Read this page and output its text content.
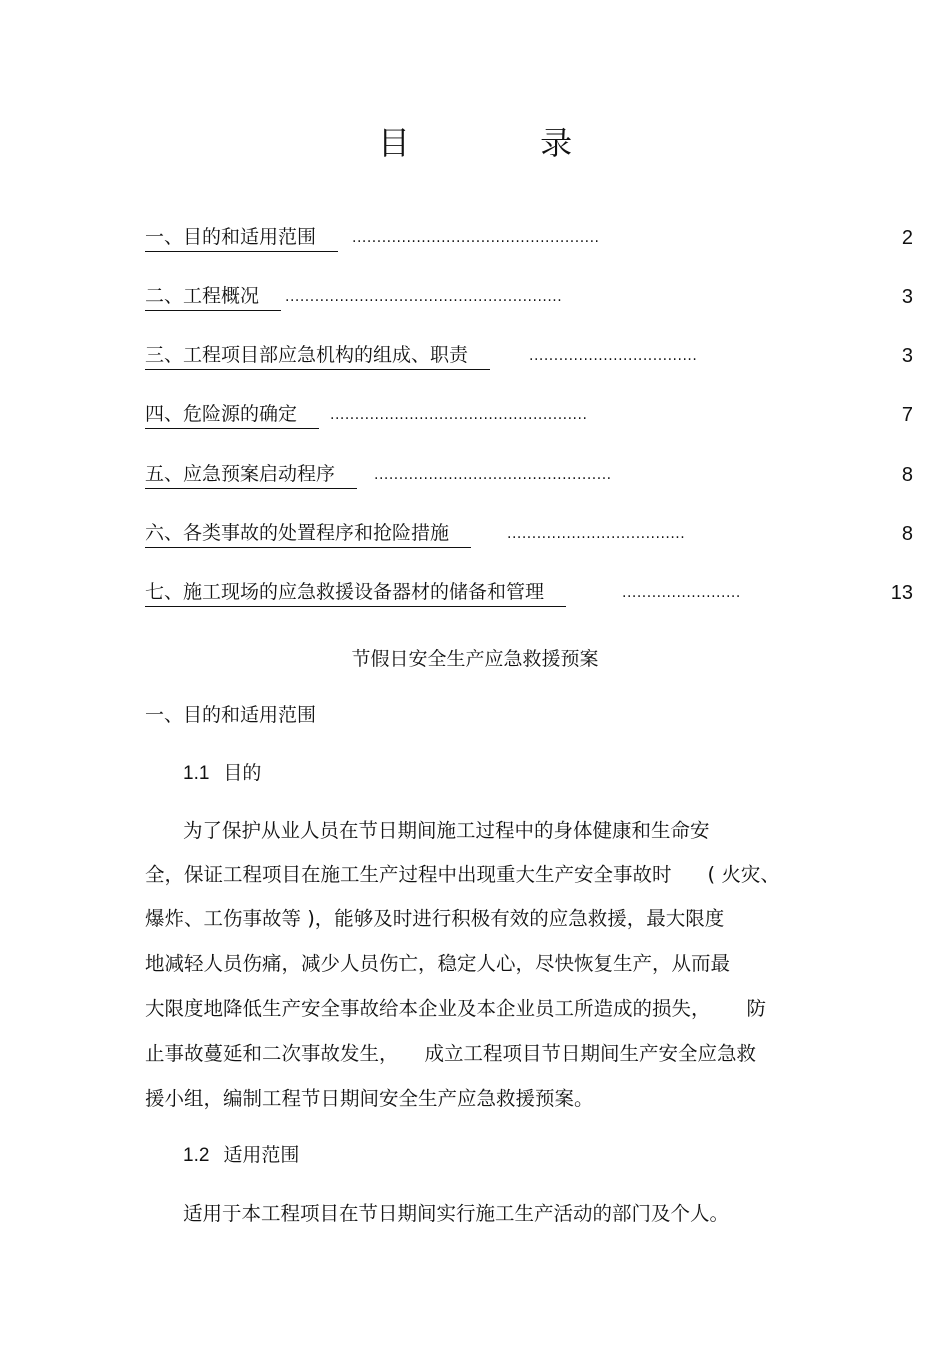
目 录
一、目的和适用范围	..................................................	2
二、工程概况	........................................................	3
三、工程项目部应急机构的组成、职责	..................................	3
四、危险源的确定	....................................................	7
五、应急预案启动程序	................................................	8
六、各类事故的处置程序和抢险措施	....................................	8
七、施工现场的应急救援设备器材的储备和管理	........................	13
节假日安全生产应急救援预案
一、目的和适用范围
1.1 目的
为了保护从业人员在节日期间施工过程中的身体健康和生命安
全，保证工程项目在施工生产过程中出现重大生产安全事故时 ( 火灾、
爆炸、工伤事故等 )，能够及时进行积极有效的应急救援，最大限度
地减轻人员伤痛，减少人员伤亡，稳定人心，尽快恢复生产，从而最
大限度地降低生产安全事故给本企业及本企业员工所造成的损失， 防
止事故蔓延和二次事故发生， 成立工程项目节日期间生产安全应急救
援小组，编制工程节日期间安全生产应急救援预案。
1.2 适用范围
适用于本工程项目在节日期间实行施工生产活动的部门及个人。
